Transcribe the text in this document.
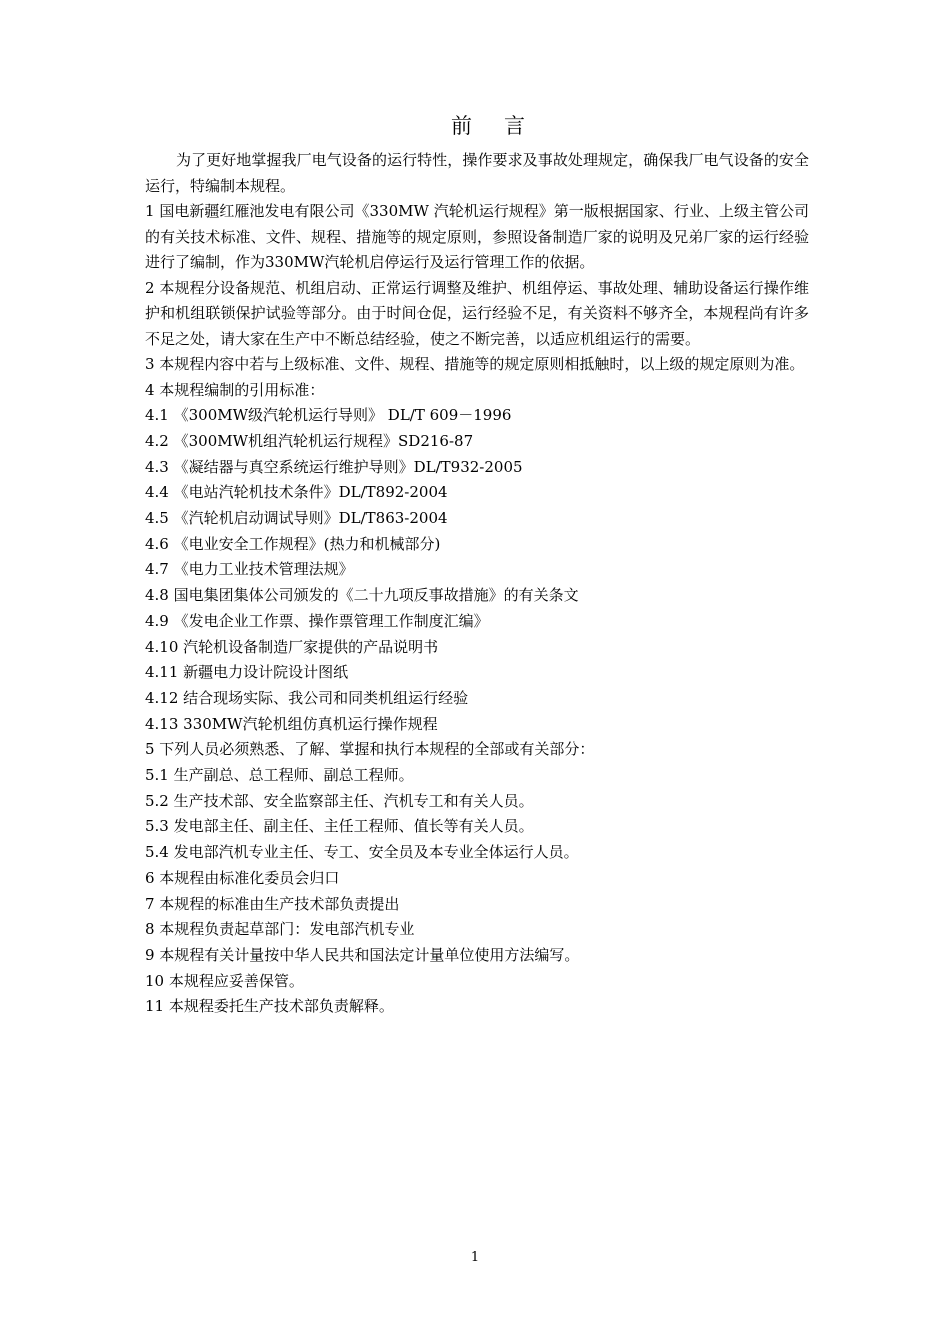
前言

为了更好地掌握我厂电气设备的运行特性，操作要求及事故处理规定，确保我厂电气设备的安全运行，特编制本规程。

1 国电新疆红雁池发电有限公司《330MW 汽轮机运行规程》第一版根据国家、行业、上级主管公司的有关技术标准、文件、规程、措施等的规定原则，参照设备制造厂家的说明及兄弟厂家的运行经验进行了编制，作为330MW汽轮机启停运行及运行管理工作的依据。

2 本规程分设备规范、机组启动、正常运行调整及维护、机组停运、事故处理、辅助设备运行操作维护和机组联锁保护试验等部分。由于时间仓促，运行经验不足，有关资料不够齐全，本规程尚有许多不足之处，请大家在生产中不断总结经验，使之不断完善，以适应机组运行的需要。

3 本规程内容中若与上级标准、文件、规程、措施等的规定原则相抵触时，以上级的规定原则为准。

4 本规程编制的引用标准：

4.1 《300MW级汽轮机运行导则》 DL/T 609－1996

4.2 《300MW机组汽轮机运行规程》SD216-87

4.3 《凝结器与真空系统运行维护导则》DL/T932-2005

4.4 《电站汽轮机技术条件》DL/T892-2004

4.5 《汽轮机启动调试导则》DL/T863-2004

4.6 《电业安全工作规程》(热力和机械部分)

4.7 《电力工业技术管理法规》

4.8 国电集团集体公司颁发的《二十九项反事故措施》的有关条文

4.9 《发电企业工作票、操作票管理工作制度汇编》

4.10 汽轮机设备制造厂家提供的产品说明书

4.11 新疆电力设计院设计图纸

4.12 结合现场实际、我公司和同类机组运行经验

4.13 330MW汽轮机组仿真机运行操作规程

5 下列人员必须熟悉、了解、掌握和执行本规程的全部或有关部分：

5.1 生产副总、总工程师、副总工程师。

5.2 生产技术部、安全监察部主任、汽机专工和有关人员。

5.3 发电部主任、副主任、主任工程师、值长等有关人员。

5.4 发电部汽机专业主任、专工、安全员及本专业全体运行人员。

6 本规程由标准化委员会归口

7 本规程的标准由生产技术部负责提出

8 本规程负责起草部门：发电部汽机专业

9 本规程有关计量按中华人民共和国法定计量单位使用方法编写。

10 本规程应妥善保管。

11 本规程委托生产技术部负责解释。

1
